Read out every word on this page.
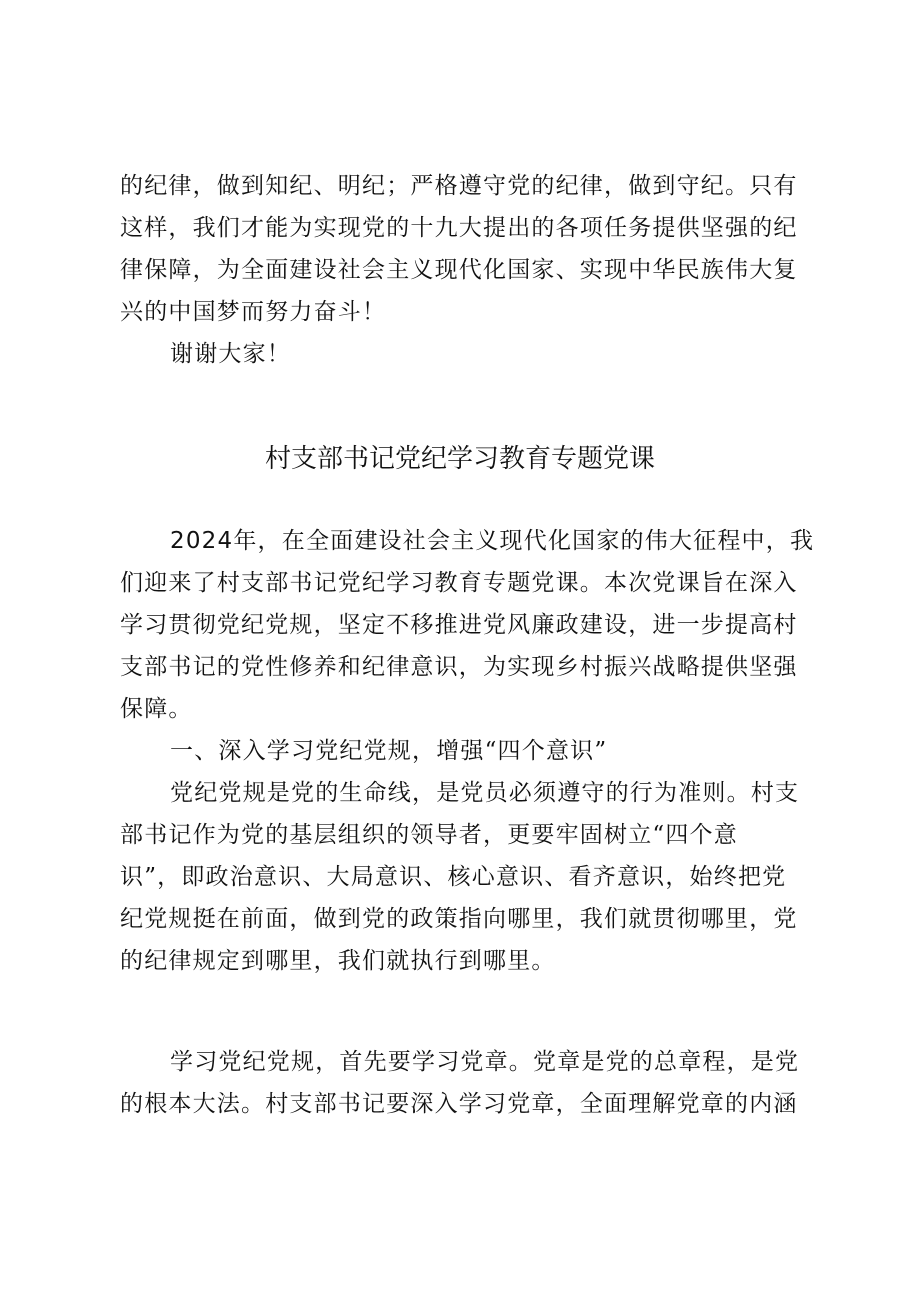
的纪律，做到知纪、明纪；严格遵守党的纪律，做到守纪。只有
这样，我们才能为实现党的十九大提出的各项任务提供坚强的纪
律保障，为全面建设社会主义现代化国家、实现中华民族伟大复
兴的中国梦而努力奋斗！
谢谢大家！
村支部书记党纪学习教育专题党课
2024年，在全面建设社会主义现代化国家的伟大征程中，我
们迎来了村支部书记党纪学习教育专题党课。本次党课旨在深入
学习贯彻党纪党规，坚定不移推进党风廉政建设，进一步提高村
支部书记的党性修养和纪律意识，为实现乡村振兴战略提供坚强
保障。
一、深入学习党纪党规，增强“四个意识”
党纪党规是党的生命线，是党员必须遵守的行为准则。村支
部书记作为党的基层组织的领导者，更要牢固树立“四个意
识”，即政治意识、大局意识、核心意识、看齐意识，始终把党
纪党规挺在前面，做到党的政策指向哪里，我们就贯彻哪里，党
的纪律规定到哪里，我们就执行到哪里。
学习党纪党规，首先要学习党章。党章是党的总章程，是党
的根本大法。村支部书记要深入学习党章，全面理解党章的内涵
